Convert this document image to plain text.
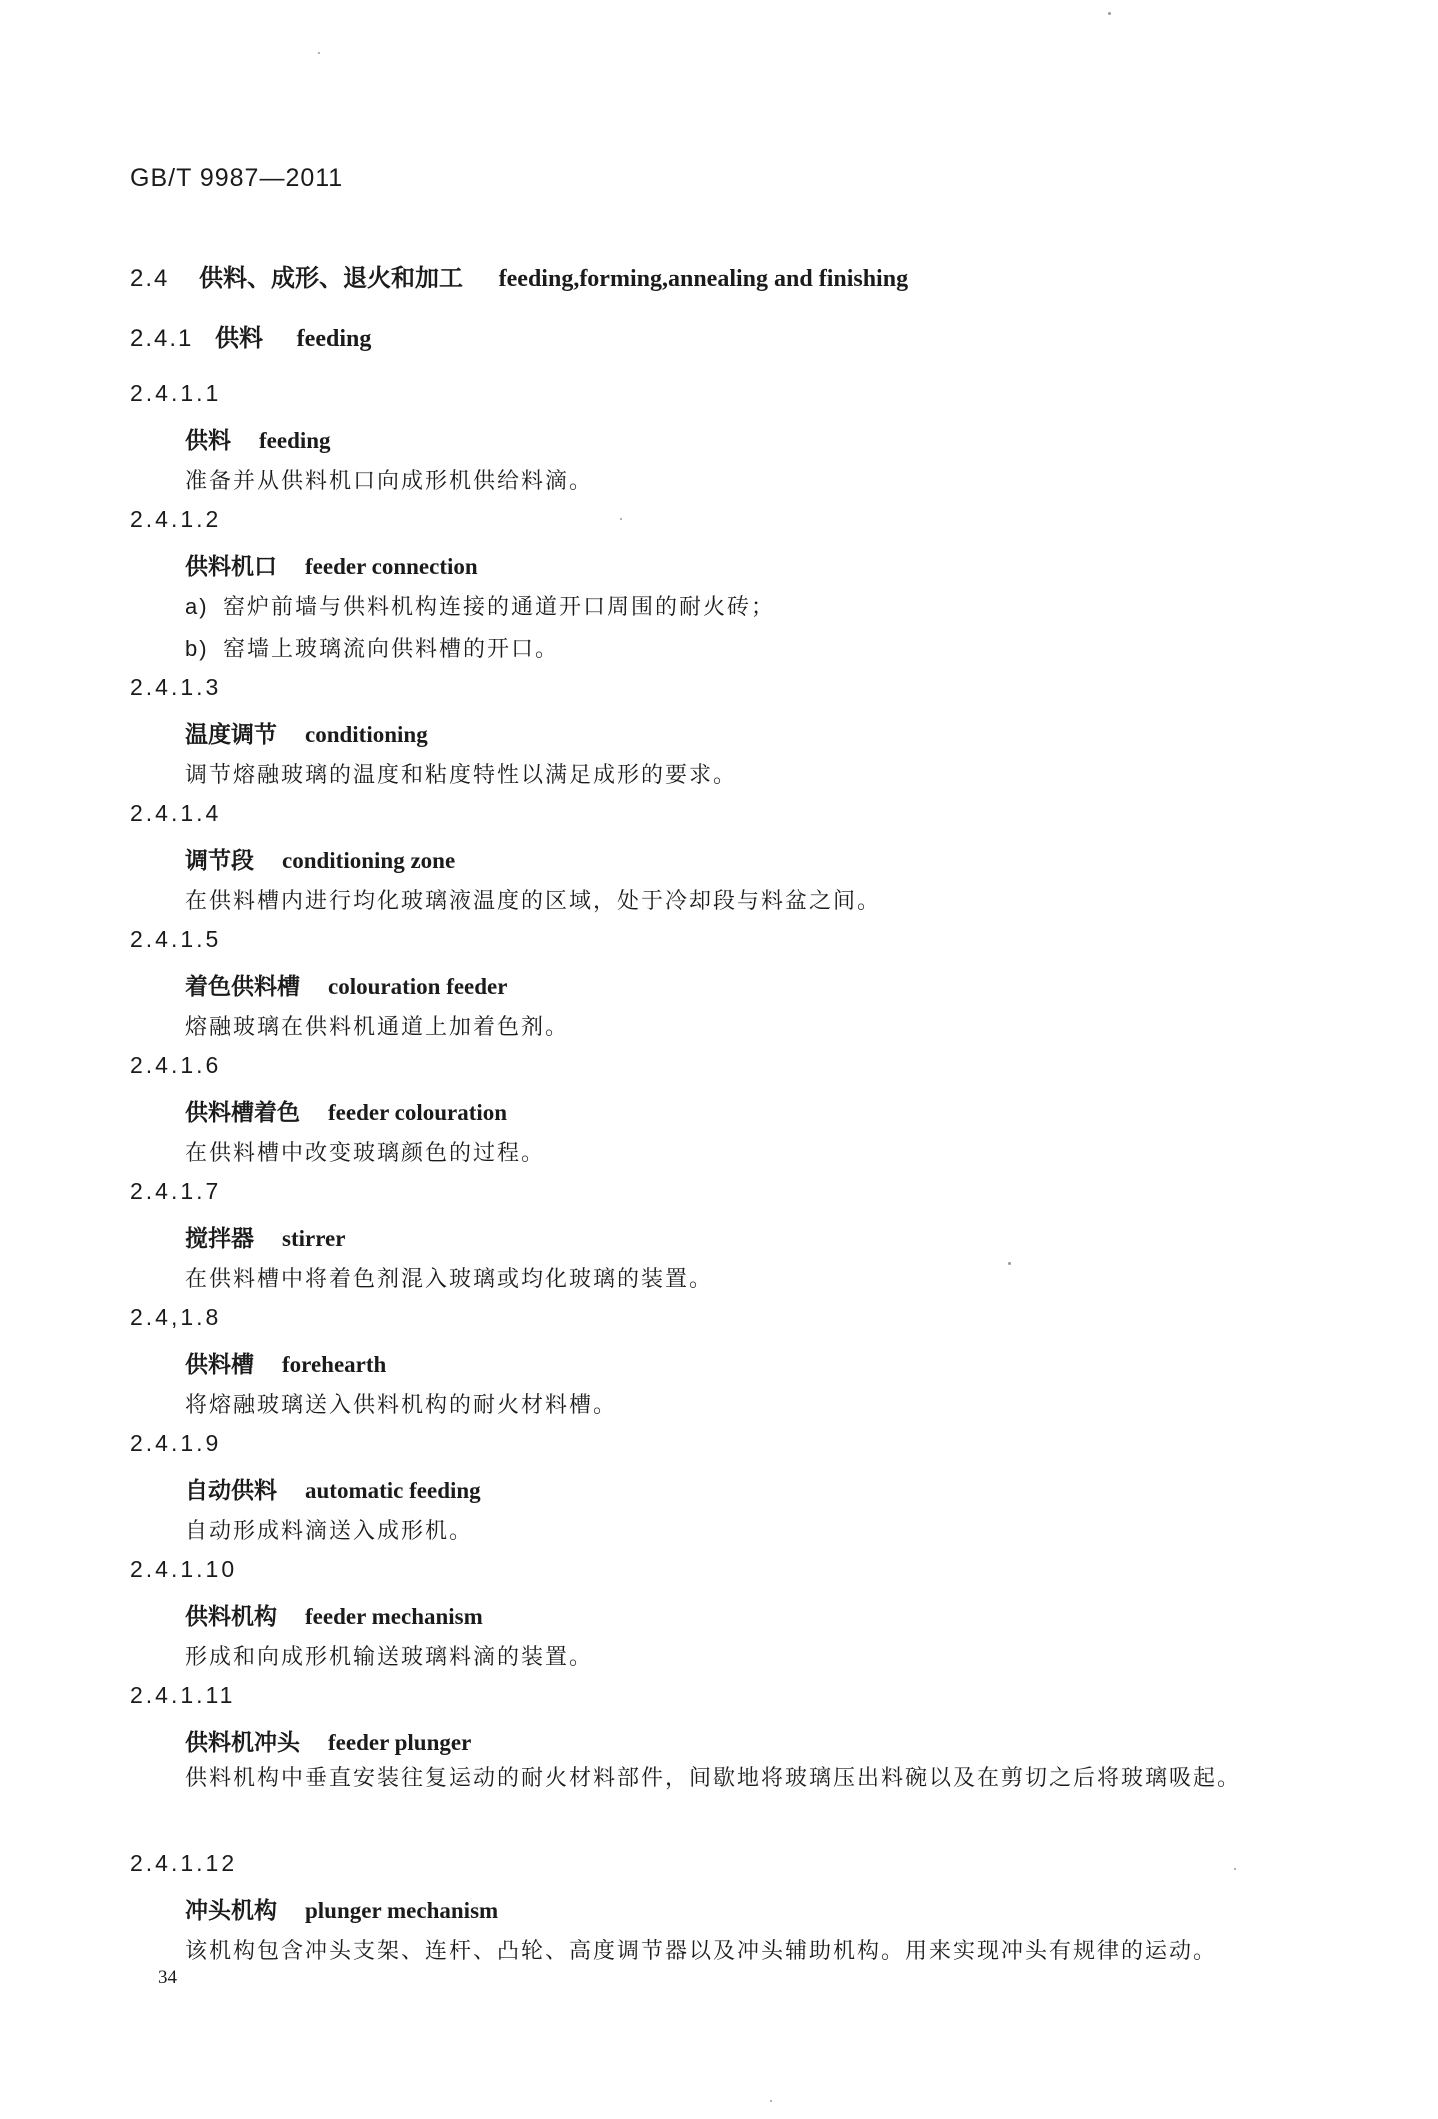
GB/T 9987—2011
2.4 供料、成形、退火和加工 feeding,forming,annealing and finishing
2.4.1 供料 feeding
2.4.1.1
供料 feeding
准备并从供料机口向成形机供给料滴。
2.4.1.2
供料机口 feeder connection
a) 窑炉前墙与供料机构连接的通道开口周围的耐火砖；
b) 窑墙上玻璃流向供料槽的开口。
2.4.1.3
温度调节 conditioning
调节熔融玻璃的温度和粘度特性以满足成形的要求。
2.4.1.4
调节段 conditioning zone
在供料槽内进行均化玻璃液温度的区域，处于冷却段与料盆之间。
2.4.1.5
着色供料槽 colouration feeder
熔融玻璃在供料机通道上加着色剂。
2.4.1.6
供料槽着色 feeder colouration
在供料槽中改变玻璃颜色的过程。
2.4.1.7
搅拌器 stirrer
在供料槽中将着色剂混入玻璃或均化玻璃的装置。
2.4,1.8
供料槽 forehearth
将熔融玻璃送入供料机构的耐火材料槽。
2.4.1.9
自动供料 automatic feeding
自动形成料滴送入成形机。
2.4.1.10
供料机构 feeder mechanism
形成和向成形机输送玻璃料滴的装置。
2.4.1.11
供料机冲头 feeder plunger
供料机构中垂直安装往复运动的耐火材料部件，间歇地将玻璃压出料碗以及在剪切之后将玻璃吸起。
2.4.1.12
冲头机构 plunger mechanism
该机构包含冲头支架、连杆、凸轮、高度调节器以及冲头辅助机构。用来实现冲头有规律的运动。
34
